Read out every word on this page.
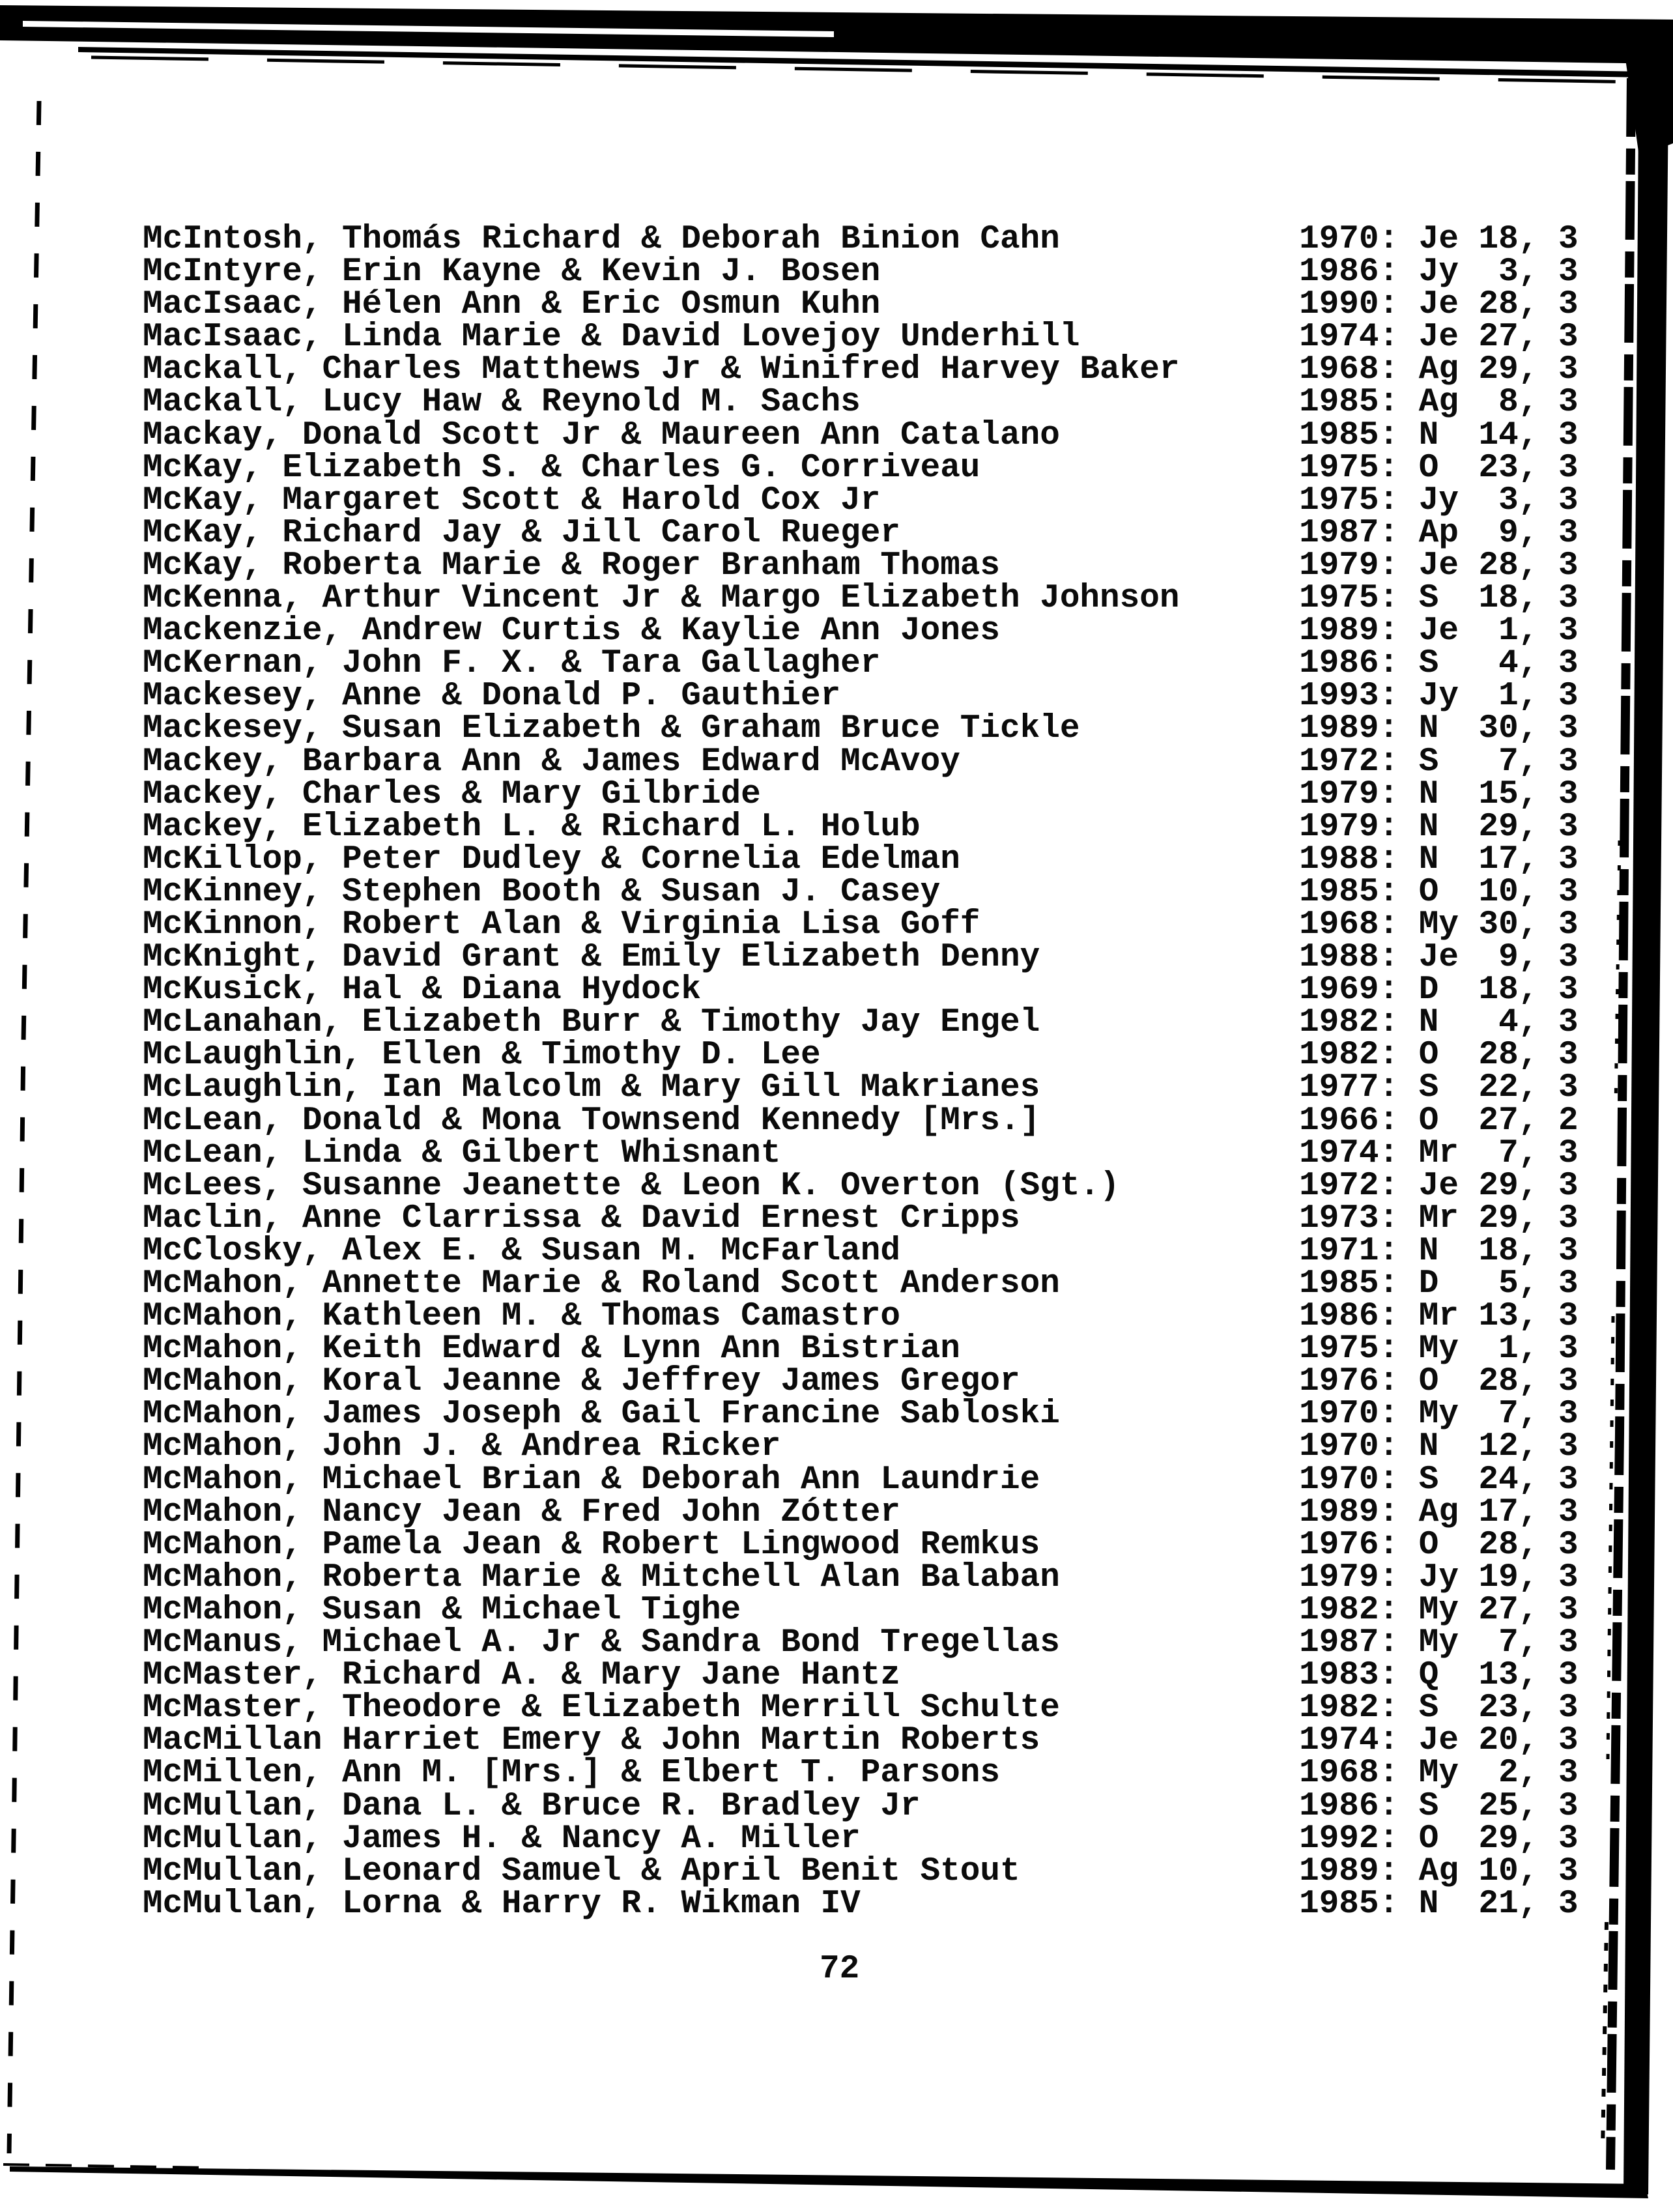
McIntosh, Thomás Richard & Deborah Binion Cahn            1970: Je 18, 3
McIntyre, Erin Kayne & Kevin J. Bosen                     1986: Jy  3, 3
MacIsaac, Hélen Ann & Eric Osmun Kuhn                     1990: Je 28, 3
MacIsaac, Linda Marie & David Lovejoy Underhill           1974: Je 27, 3
Mackall, Charles Matthews Jr & Winifred Harvey Baker      1968: Ag 29, 3
Mackall, Lucy Haw & Reynold M. Sachs                      1985: Ag  8, 3
Mackay, Donald Scott Jr & Maureen Ann Catalano            1985: N  14, 3
McKay, Elizabeth S. & Charles G. Corriveau                1975: O  23, 3
McKay, Margaret Scott & Harold Cox Jr                     1975: Jy  3, 3
McKay, Richard Jay & Jill Carol Rueger                    1987: Ap  9, 3
McKay, Roberta Marie & Roger Branham Thomas               1979: Je 28, 3
McKenna, Arthur Vincent Jr & Margo Elizabeth Johnson      1975: S  18, 3
Mackenzie, Andrew Curtis & Kaylie Ann Jones               1989: Je  1, 3
McKernan, John F. X. & Tara Gallagher                     1986: S   4, 3
Mackesey, Anne & Donald P. Gauthier                       1993: Jy  1, 3
Mackesey, Susan Elizabeth & Graham Bruce Tickle           1989: N  30, 3
Mackey, Barbara Ann & James Edward McAvoy                 1972: S   7, 3
Mackey, Charles & Mary Gilbride                           1979: N  15, 3
Mackey, Elizabeth L. & Richard L. Holub                   1979: N  29, 3
McKillop, Peter Dudley & Cornelia Edelman                 1988: N  17, 3
McKinney, Stephen Booth & Susan J. Casey                  1985: O  10, 3
McKinnon, Robert Alan & Virginia Lisa Goff                1968: My 30, 3
McKnight, David Grant & Emily Elizabeth Denny             1988: Je  9, 3
McKusick, Hal & Diana Hydock                              1969: D  18, 3
McLanahan, Elizabeth Burr & Timothy Jay Engel             1982: N   4, 3
McLaughlin, Ellen & Timothy D. Lee                        1982: O  28, 3
McLaughlin, Ian Malcolm & Mary Gill Makrianes             1977: S  22, 3
McLean, Donald & Mona Townsend Kennedy [Mrs.]             1966: O  27, 2
McLean, Linda & Gilbert Whisnant                          1974: Mr  7, 3
McLees, Susanne Jeanette & Leon K. Overton (Sgt.)         1972: Je 29, 3
Maclin, Anne Clarrissa & David Ernest Cripps              1973: Mr 29, 3
McClosky, Alex E. & Susan M. McFarland                    1971: N  18, 3
McMahon, Annette Marie & Roland Scott Anderson            1985: D   5, 3
McMahon, Kathleen M. & Thomas Camastro                    1986: Mr 13, 3
McMahon, Keith Edward & Lynn Ann Bistrian                 1975: My  1, 3
McMahon, Koral Jeanne & Jeffrey James Gregor              1976: O  28, 3
McMahon, James Joseph & Gail Francine Sabloski            1970: My  7, 3
McMahon, John J. & Andrea Ricker                          1970: N  12, 3
McMahon, Michael Brian & Deborah Ann Laundrie             1970: S  24, 3
McMahon, Nancy Jean & Fred John Zótter                    1989: Ag 17, 3
McMahon, Pamela Jean & Robert Lingwood Remkus             1976: O  28, 3
McMahon, Roberta Marie & Mitchell Alan Balaban            1979: Jy 19, 3
McMahon, Susan & Michael Tighe                            1982: My 27, 3
McManus, Michael A. Jr & Sandra Bond Tregellas            1987: My  7, 3
McMaster, Richard A. & Mary Jane Hantz                    1983: Q  13, 3
McMaster, Theodore & Elizabeth Merrill Schulte            1982: S  23, 3
MacMillan Harriet Emery & John Martin Roberts             1974: Je 20, 3
McMillen, Ann M. [Mrs.] & Elbert T. Parsons               1968: My  2, 3
McMullan, Dana L. & Bruce R. Bradley Jr                   1986: S  25, 3
McMullan, James H. & Nancy A. Miller                      1992: O  29, 3
McMullan, Leonard Samuel & April Benit Stout              1989: Ag 10, 3
McMullan, Lorna & Harry R. Wikman IV                      1985: N  21, 3
72
